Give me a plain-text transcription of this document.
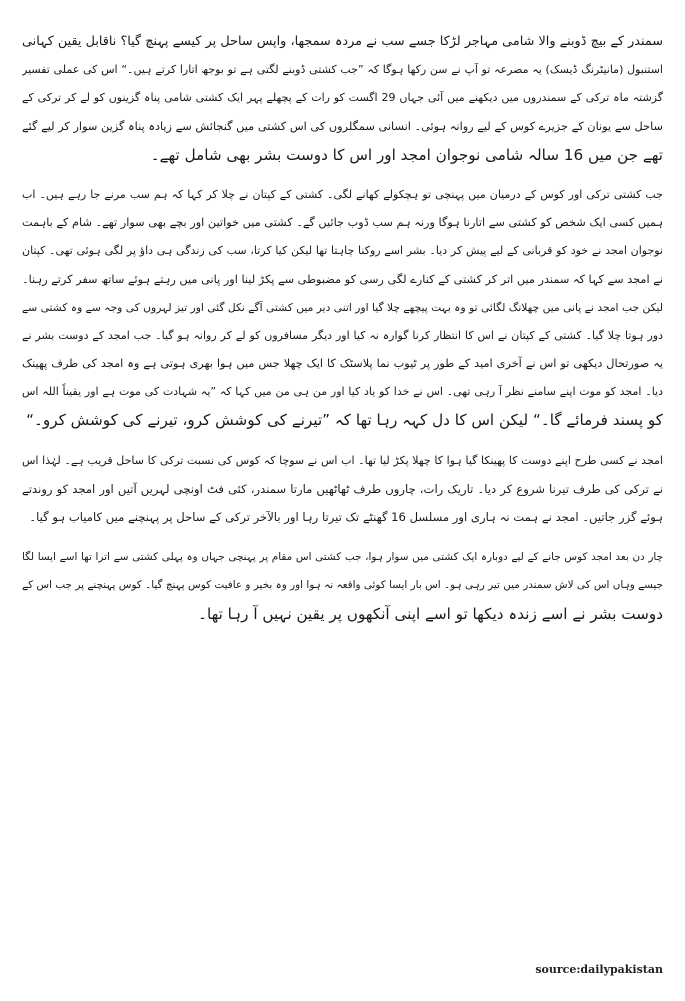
سمندر کے بیچ ڈوبنے والا شامی مہاجر لڑکا جسے سب نے مردہ سمجھا، واپس ساحل پر کیسے پہنچ گیا؟ ناقابل یقین کہانی
استنبول (مانیٹرنگ ڈیسک) یہ مصرعہ تو آپ نے سن رکھا ہوگا کہ ”جب کشتی ڈوبنے لگتی ہے تو بوجھ اتارا کرتے ہیں۔“ اس کی عملی تفسیر
گزشتہ ماہ ترکی کے سمندروں میں دیکھنے میں آئی جہاں 29 اگست کو رات کے پچھلے پہر ایک کشتی شامی پناہ گزینوں کو لے کر ترکی کے
ساحل سے یونان کے جزیرے کوس کے لیے روانہ ہوئی۔ انسانی سمگلروں کی اس کشتی میں گنجائش سے زیادہ پناہ گزین سوار کر لیے گئے
تھے جن میں 16 سالہ شامی نوجوان امجد اور اس کا دوست بشر بھی شامل تھے۔
جب کشتی ترکی اور کوس کے درمیان میں پہنچی تو ہچکولے کھانے لگی۔ کشتی کے کپتان نے چلا کر کہا کہ ہم سب مرنے جا رہے ہیں۔ اب
ہمیں کسی ایک شخص کو کشتی سے اتارنا ہوگا ورنہ ہم سب ڈوب جائیں گے۔ کشتی میں خواتین اور بچے بھی سوار تھے۔ شام کے باہمت
نوجوان امجد نے خود کو قربانی کے لیے پیش کر دیا۔ بشر اسے روکنا چاہتا تھا لیکن کیا کرتا، سب کی زندگی ہی داؤ پر لگی ہوئی تھی۔ کپتان
نے امجد سے کہا کہ سمندر میں اتر کر کشتی کے کنارے لگی رسی کو مضبوطی سے پکڑ لینا اور پانی میں رہتے ہوئے ساتھ سفر کرتے رہنا۔
لیکن جب امجد نے پانی میں چھلانگ لگائی تو وہ بہت پیچھے چلا گیا اور اتنی دیر میں کشتی آگے نکل گئی اور تیز لہروں کی وجہ سے وہ کشتی سے
دور ہوتا چلا گیا۔ کشتی کے کپتان نے اس کا انتظار کرنا گوارہ نہ کیا اور دیگر مسافروں کو لے کر روانہ ہو گیا۔ جب امجد کے دوست بشر نے
یہ صورتحال دیکھی تو اس نے آخری امید کے طور پر ٹیوب نما پلاسٹک کا ایک چھلا جس میں ہوا بھری ہوتی ہے وہ امجد کی طرف پھینک
دیا۔ امجد کو موت اپنے سامنے نظر آ رہی تھی۔ اس نے خدا کو یاد کیا اور من ہی من میں کہا کہ ”یہ شہادت کی موت ہے اور یقیناً اللہ اس
کو پسند فرمائے گا۔“ لیکن اس کا دل کہہ رہا تھا کہ ”تیرنے کی کوشش کرو، تیرنے کی کوشش کرو۔“
امجد نے کسی طرح اپنے دوست کا پھینکا گیا ہوا کا چھلا پکڑ لیا تھا۔ اب اس نے سوچا کہ کوس کی نسبت ترکی کا ساحل قریب ہے۔ لہٰذا اس
نے ترکی کی طرف تیرنا شروع کر دیا۔ تاریک رات، چاروں طرف ٹھاٹھیں مارتا سمندر، کئی فٹ اونچی لہریں آتیں اور امجد کو روندتے
ہوئے گزر جاتیں۔ امجد نے ہمت نہ ہاری اور مسلسل 16 گھنٹے تک تیرتا رہا اور بالآخر ترکی کے ساحل پر پہنچنے میں کامیاب ہو گیا۔
چار دن بعد امجد کوس جانے کے لیے دوبارہ ایک کشتی میں سوار ہوا، جب کشتی اس مقام پر پہنچی جہاں وہ پہلی کشتی سے اترا تھا اسے ایسا لگا
جیسے وہاں اس کی لاش سمندر میں تیر رہی ہو۔ اس بار ایسا کوئی واقعہ نہ ہوا اور وہ بخیر و عافیت کوس پہنچ گیا۔ کوس پہنچنے پر جب اس کے
دوست بشر نے اسے زندہ دیکھا تو اسے اپنی آنکھوں پر یقین نہیں آ رہا تھا۔
source:dailypakistan
